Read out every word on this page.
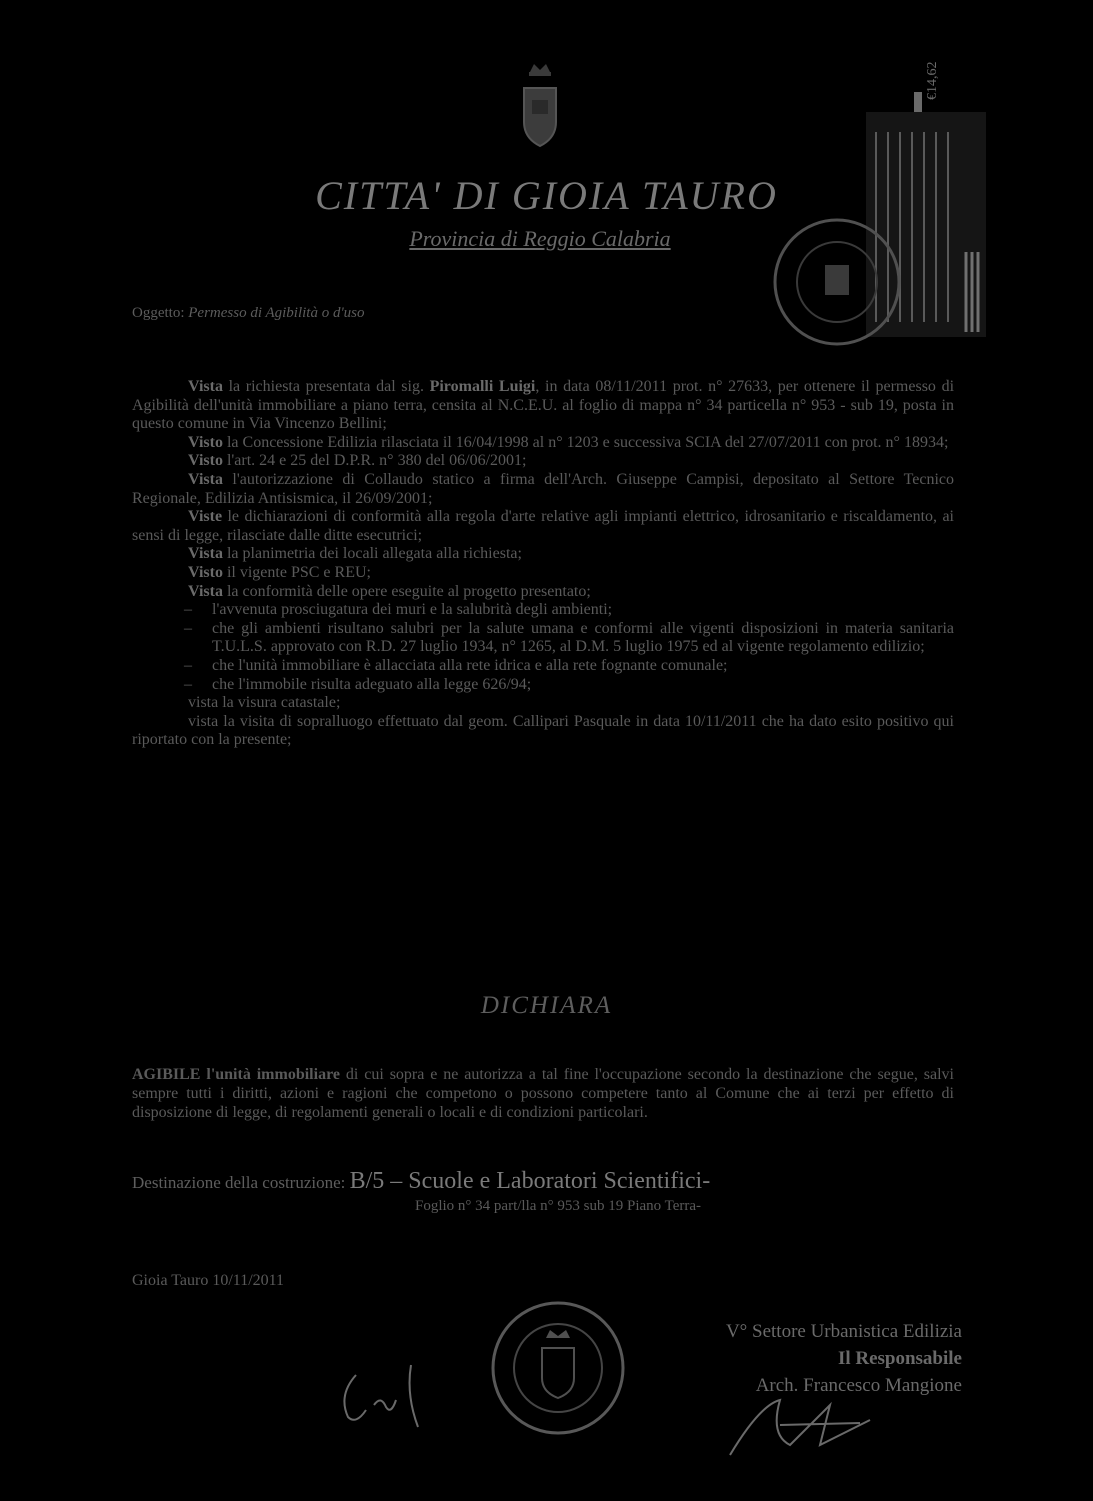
CITTA' DI GIOIA TAURO
Provincia di Reggio Calabria
€14,62
Oggetto: Permesso di Agibilità o d'uso

Vista la richiesta presentata dal sig. Piromalli Luigi, in data 08/11/2011 prot. n° 27633, per ottenere il permesso di Agibilità dell'unità immobiliare a piano terra, censita al N.C.E.U. al foglio di mappa n° 34 particella n° 953 - sub 19, posta in questo comune in Via Vincenzo Bellini;

Visto la Concessione Edilizia rilasciata il 16/04/1998 al n° 1203 e successiva SCIA del 27/07/2011 con prot. n° 18934;

Visto l'art. 24 e 25 del D.P.R. n° 380 del 06/06/2001;

Vista l'autorizzazione di Collaudo statico a firma dell'Arch. Giuseppe Campisi, depositato al Settore Tecnico Regionale, Edilizia Antisismica, il 26/09/2001;

Viste le dichiarazioni di conformità alla regola d'arte relative agli impianti elettrico, idrosanitario e riscaldamento, ai sensi di legge, rilasciate dalle ditte esecutrici;

Vista la planimetria dei locali allegata alla richiesta;

Visto il vigente PSC e REU;

Vista la conformità delle opere eseguite al progetto presentato;

– l'avvenuta prosciugatura dei muri e la salubrità degli ambienti;
– che gli ambienti risultano salubri per la salute umana e conformi alle vigenti disposizioni in materia sanitaria T.U.L.S. approvato con R.D. 27 luglio 1934, n° 1265, al D.M. 5 luglio 1975 ed al vigente regolamento edilizio;
– che l'unità immobiliare è allacciata alla rete idrica e alla rete fognante comunale;
– che l'immobile risulta adeguato alla legge 626/94;

vista la visura catastale;

vista la visita di sopralluogo effettuato dal geom. Callipari Pasquale in data 10/11/2011 che ha dato esito positivo qui riportato con la presente;

DICHIARA
AGIBILE l'unità immobiliare di cui sopra e ne autorizza a tal fine l'occupazione secondo la destinazione che segue, salvi sempre tutti i diritti, azioni e ragioni che competono o possono competere tanto al Comune che ai terzi per effetto di disposizione di legge, di regolamenti generali o locali e di condizioni particolari.
Destinazione della costruzione: B/5 – Scuole e Laboratori Scientifici-
Foglio n° 34 part/lla n° 953 sub 19 Piano Terra-
Gioia Tauro 10/11/2011
V° Settore Urbanistica Edilizia
Il Responsabile
Arch. Francesco Mangione
